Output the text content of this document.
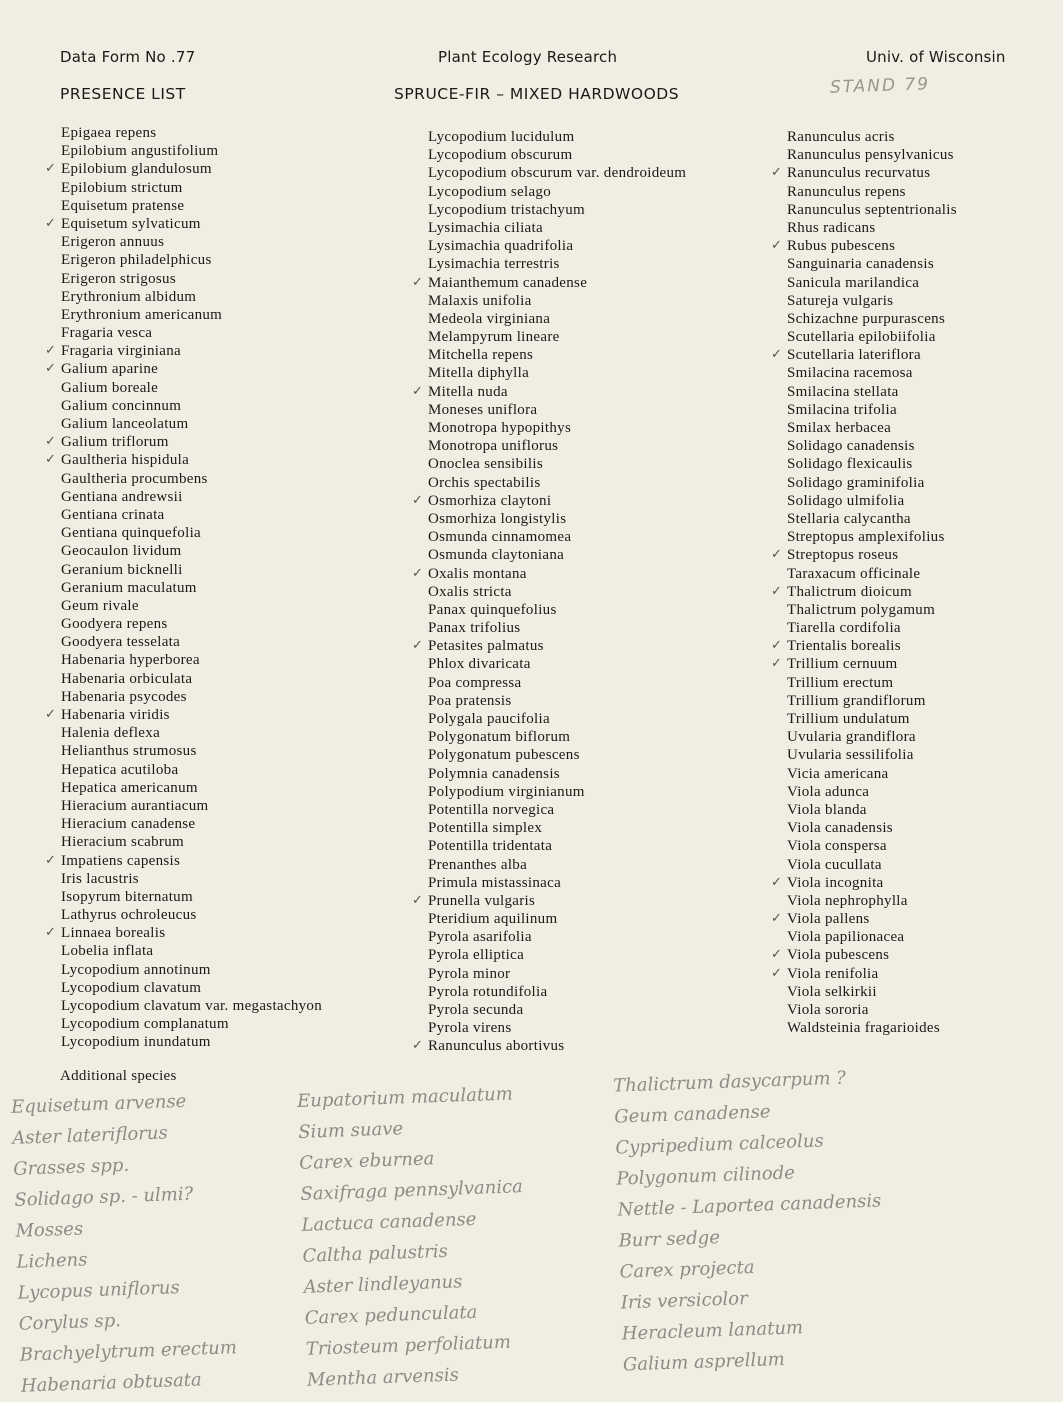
Data Form No .77	Plant Ecology Research	Univ. of Wisconsin
PRESENCE LIST	SPRUCE-FIR – MIXED HARDWOODS	STAND 79
Epigaea repens
Epilobium angustifolium
✓ Epilobium glandulosum
Epilobium strictum
Equisetum pratense
✓ Equisetum sylvaticum
Erigeron annuus
Erigeron philadelphicus
Erigeron strigosus
Erythronium albidum
Erythronium americanum
Fragaria vesca
✓ Fragaria virginiana
✓ Galium aparine
Galium boreale
Galium concinnum
Galium lanceolatum
✓ Galium triflorum
✓ Gaultheria hispidula
Gaultheria procumbens
Gentiana andrewsii
Gentiana crinata
Gentiana quinquefolia
Geocaulon lividum
Geranium bicknelli
Geranium maculatum
Geum rivale
Goodyera repens
Goodyera tesselata
Habenaria hyperborea
Habenaria orbiculata
Habenaria psycodes
✓ Habenaria viridis
Halenia deflexa
Helianthus strumosus
Hepatica acutiloba
Hepatica americanum
Hieracium aurantiacum
Hieracium canadense
Hieracium scabrum
✓ Impatiens capensis
Iris lacustris
Isopyrum biternatum
Lathyrus ochroleucus
✓ Linnaea borealis
Lobelia inflata
Lycopodium annotinum
Lycopodium clavatum
Lycopodium clavatum var. megastachyon
Lycopodium complanatum
Lycopodium inundatum
Lycopodium lucidulum
Lycopodium obscurum
Lycopodium obscurum var. dendroideum
Lycopodium selago
Lycopodium tristachyum
Lysimachia ciliata
Lysimachia quadrifolia
Lysimachia terrestris
✓ Maianthemum canadense
Malaxis unifolia
Medeola virginiana
Melampyrum lineare
Mitchella repens
Mitella diphylla
✓ Mitella nuda
Moneses uniflora
Monotropa hypopithys
Monotropa uniflorus
Onoclea sensibilis
Orchis spectabilis
✓ Osmorhiza claytoni
Osmorhiza longistylis
Osmunda cinnamomea
Osmunda claytoniana
✓ Oxalis montana
Oxalis stricta
Panax quinquefolius
Panax trifolius
✓ Petasites palmatus
Phlox divaricata
Poa compressa
Poa pratensis
Polygala paucifolia
Polygonatum biflorum
Polygonatum pubescens
Polymnia canadensis
Polypodium virginianum
Potentilla norvegica
Potentilla simplex
Potentilla tridentata
Prenanthes alba
Primula mistassinaca
✓ Prunella vulgaris
Pteridium aquilinum
Pyrola asarifolia
Pyrola elliptica
Pyrola minor
Pyrola rotundifolia
Pyrola secunda
Pyrola virens
✓ Ranunculus abortivus
Ranunculus acris
Ranunculus pensylvanicus
✓ Ranunculus recurvatus
Ranunculus repens
Ranunculus septentrionalis
Rhus radicans
✓ Rubus pubescens
Sanguinaria canadensis
Sanicula marilandica
Satureja vulgaris
Schizachne purpurascens
Scutellaria epilobiifolia
✓ Scutellaria lateriflora
Smilacina racemosa
Smilacina stellata
Smilacina trifolia
Smilax herbacea
Solidago canadensis
Solidago flexicaulis
Solidago graminifolia
Solidago ulmifolia
Stellaria calycantha
Streptopus amplexifolius
✓ Streptopus roseus
Taraxacum officinale
✓ Thalictrum dioicum
Thalictrum polygamum
Tiarella cordifolia
✓ Trientalis borealis
✓ Trillium cernuum
Trillium erectum
Trillium grandiflorum
Trillium undulatum
Uvularia grandiflora
Uvularia sessilifolia
Vicia americana
Viola adunca
Viola blanda
Viola canadensis
Viola conspersa
Viola cucullata
✓ Viola incognita
Viola nephrophylla
✓ Viola pallens
Viola papilionacea
✓ Viola pubescens
✓ Viola renifolia
Viola selkirkii
Viola sororia
Waldsteinia fragarioides
Additional species
Equisetum arvense
Aster lateriflorus
Grasses spp.
Solidago sp. - ulmi?
Mosses
Lichens
Lycopus uniflorus
Corylus sp.
Brachyelytrum erectum
Habenaria obtusata
Eupatorium maculatum
Sium suave
Carex eburnea
Saxifraga pennsylvanica
Lactuca canadense
Caltha palustris
Aster lindleyanus
Carex pedunculata
Triosteum perfoliatum
Mentha arvensis
Thalictrum dasycarpum ?
Geum canadense
Cypripedium calceolus
Polygonum cilinode
Nettle - Laportea canadensis
Burr sedge
Carex projecta
Iris versicolor
Heracleum lanatum
Galium asprellum
